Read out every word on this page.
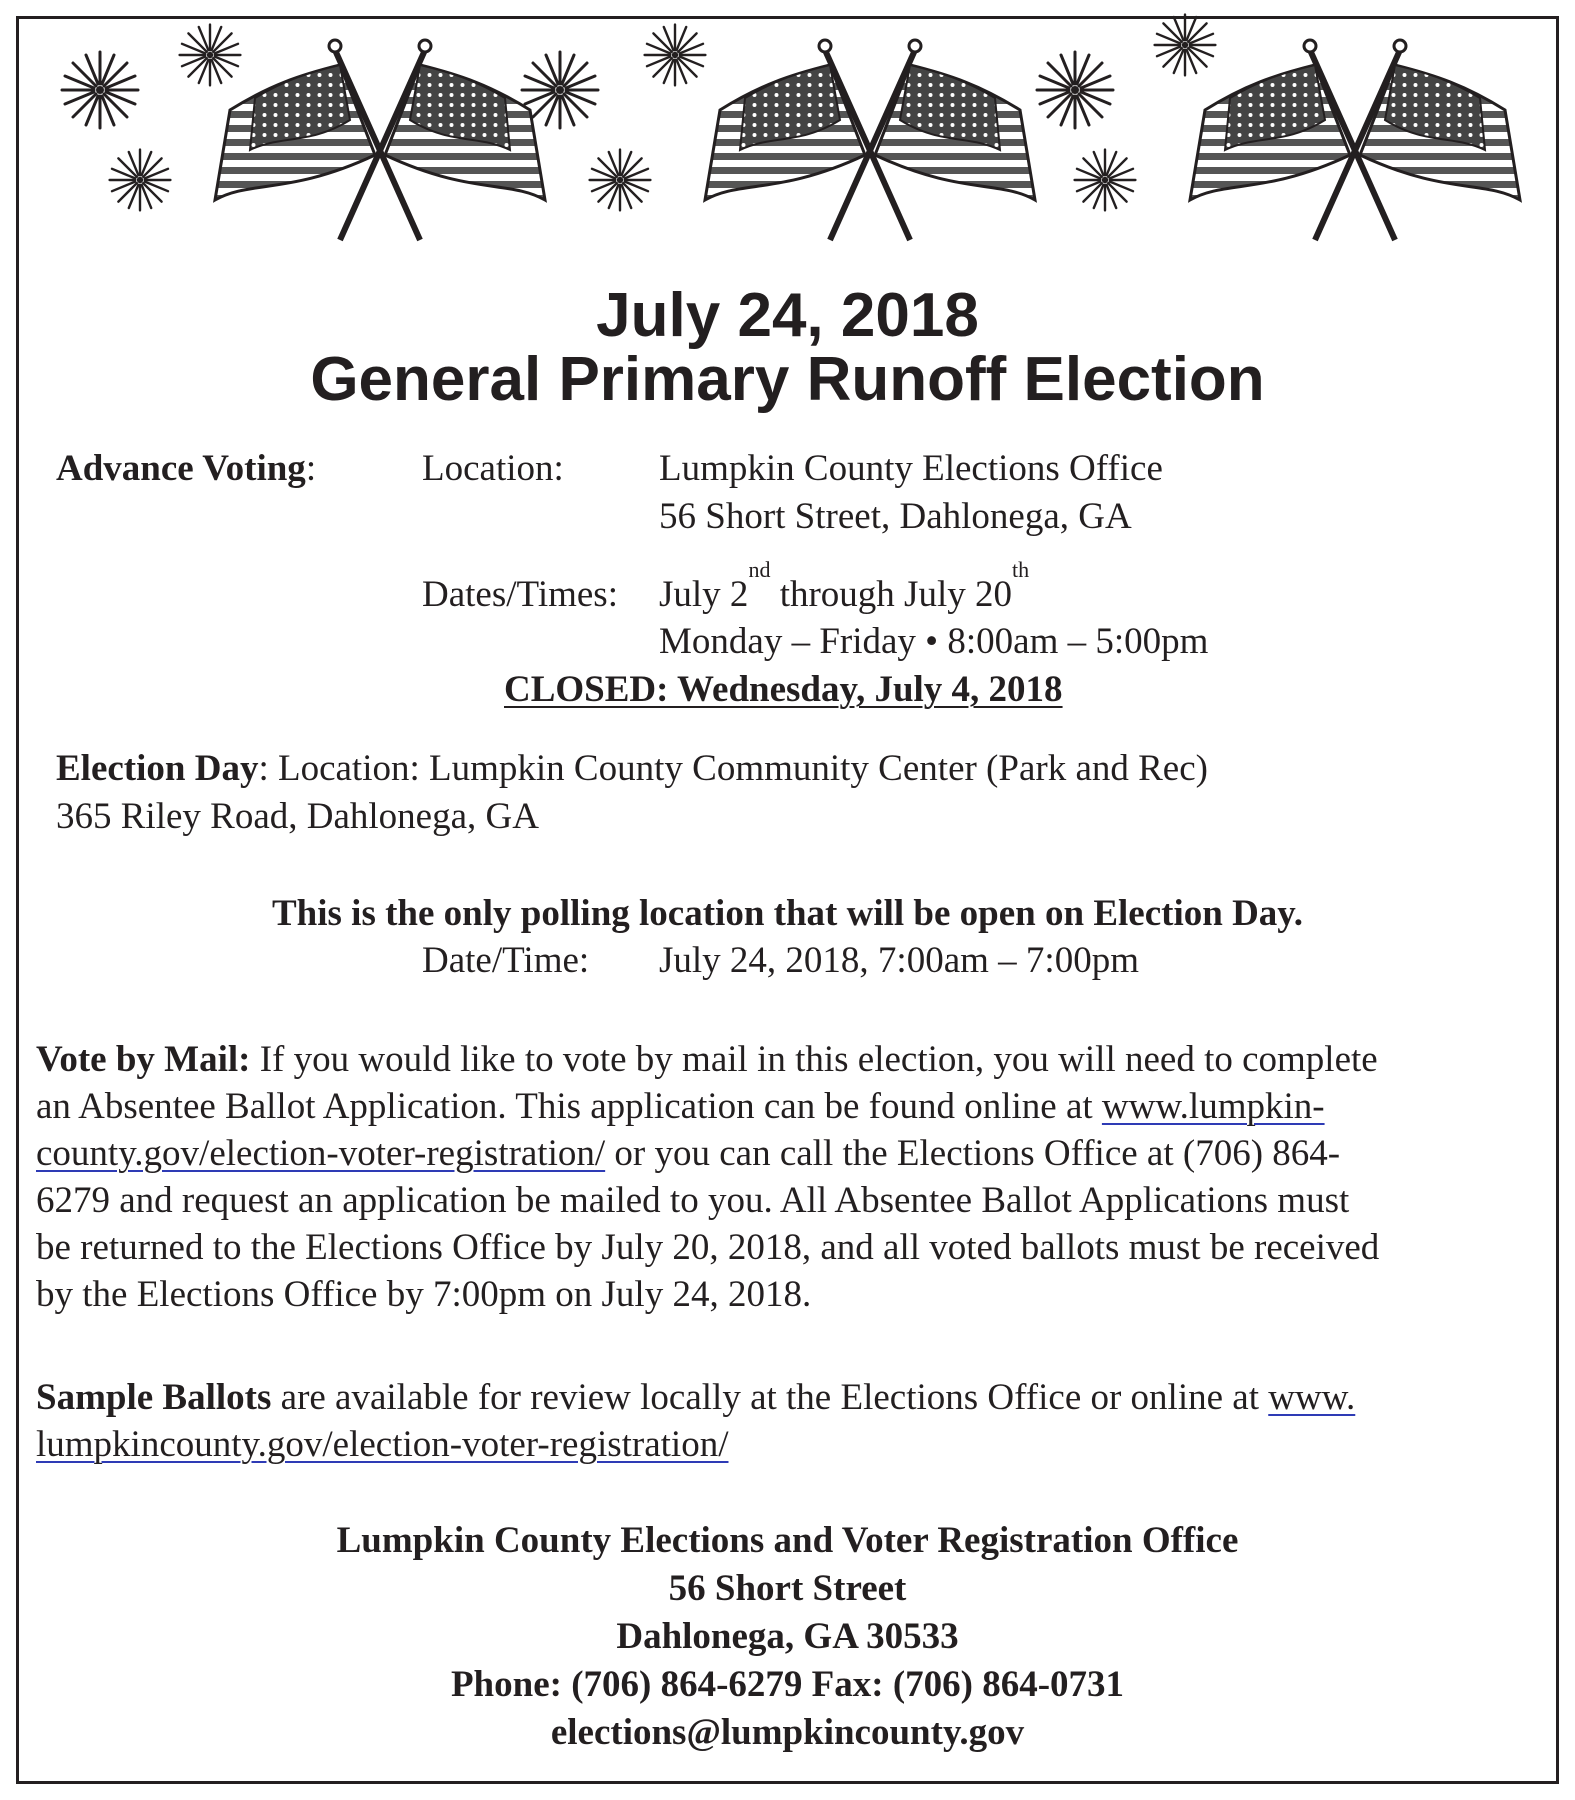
July 24, 2018
General Primary Runoff Election
Advance Voting:	Location:	Lumpkin County Elections Office
56 Short Street, Dahlonega, GA
Dates/Times: July 2nd through July 20th
Monday – Friday • 8:00am – 5:00pm
CLOSED: Wednesday, July 4, 2018
Election Day: Location: Lumpkin County Community Center (Park and Rec)
365 Riley Road, Dahlonega, GA
This is the only polling location that will be open on Election Day.
Date/Time: July 24, 2018, 7:00am – 7:00pm
Vote by Mail: If you would like to vote by mail in this election, you will need to complete
an Absentee Ballot Application. This application can be found online at www.lumpkin-
county.gov/election-voter-registration/ or you can call the Elections Office at (706) 864-
6279 and request an application be mailed to you. All Absentee Ballot Applications must
be returned to the Elections Office by July 20, 2018, and all voted ballots must be received
by the Elections Office by 7:00pm on July 24, 2018.
Sample Ballots are available for review locally at the Elections Office or online at www.
lumpkincounty.gov/election-voter-registration/
Lumpkin County Elections and Voter Registration Office
56 Short Street
Dahlonega, GA 30533
Phone: (706) 864-6279 Fax: (706) 864-0731
elections@lumpkincounty.gov
